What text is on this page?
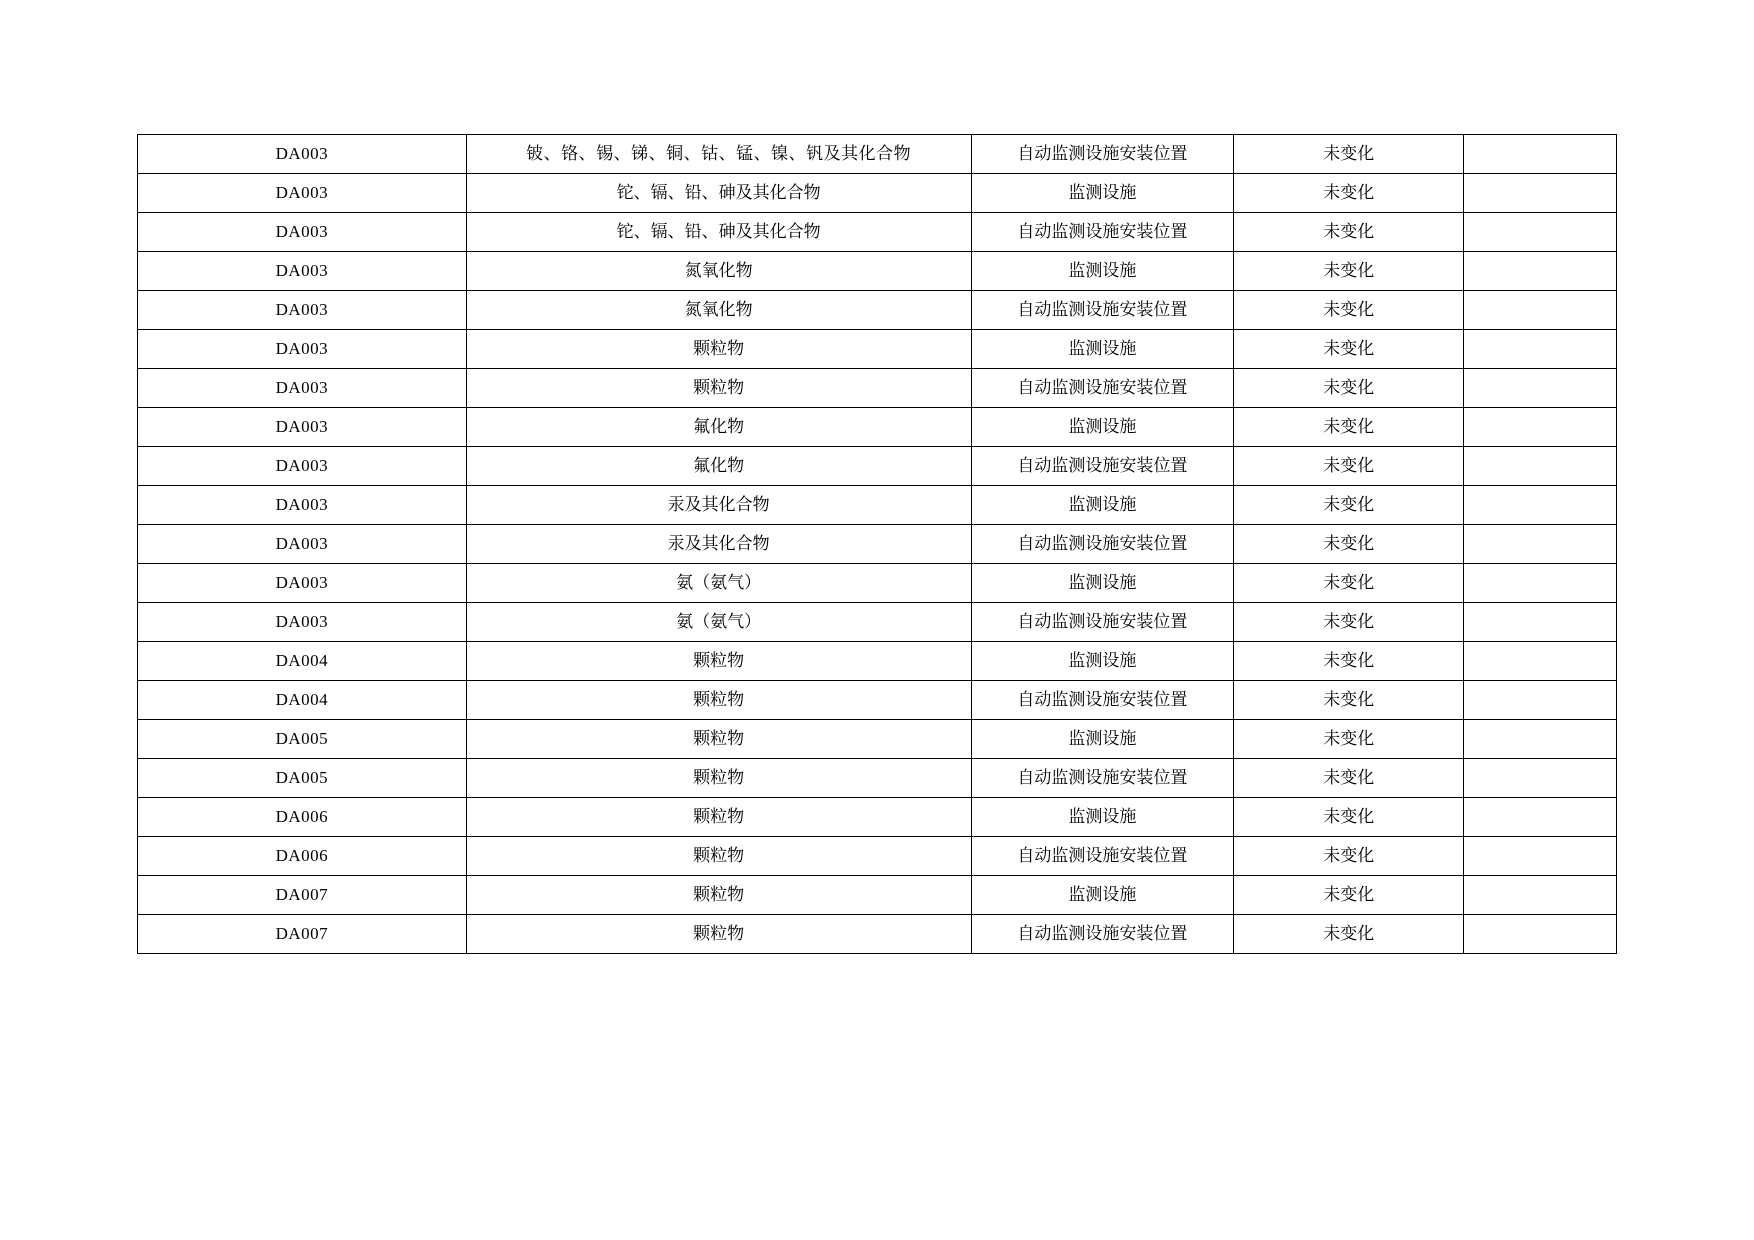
DA003	铍、铬、锡、锑、铜、钴、锰、镍、钒及其化合物	自动监测设施安装位置	未变化	
DA003	铊、镉、铅、砷及其化合物	监测设施	未变化	
DA003	铊、镉、铅、砷及其化合物	自动监测设施安装位置	未变化	
DA003	氮氧化物	监测设施	未变化	
DA003	氮氧化物	自动监测设施安装位置	未变化	
DA003	颗粒物	监测设施	未变化	
DA003	颗粒物	自动监测设施安装位置	未变化	
DA003	氟化物	监测设施	未变化	
DA003	氟化物	自动监测设施安装位置	未变化	
DA003	汞及其化合物	监测设施	未变化	
DA003	汞及其化合物	自动监测设施安装位置	未变化	
DA003	氨（氨气）	监测设施	未变化	
DA003	氨（氨气）	自动监测设施安装位置	未变化	
DA004	颗粒物	监测设施	未变化	
DA004	颗粒物	自动监测设施安装位置	未变化	
DA005	颗粒物	监测设施	未变化	
DA005	颗粒物	自动监测设施安装位置	未变化	
DA006	颗粒物	监测设施	未变化	
DA006	颗粒物	自动监测设施安装位置	未变化	
DA007	颗粒物	监测设施	未变化	
DA007	颗粒物	自动监测设施安装位置	未变化	
